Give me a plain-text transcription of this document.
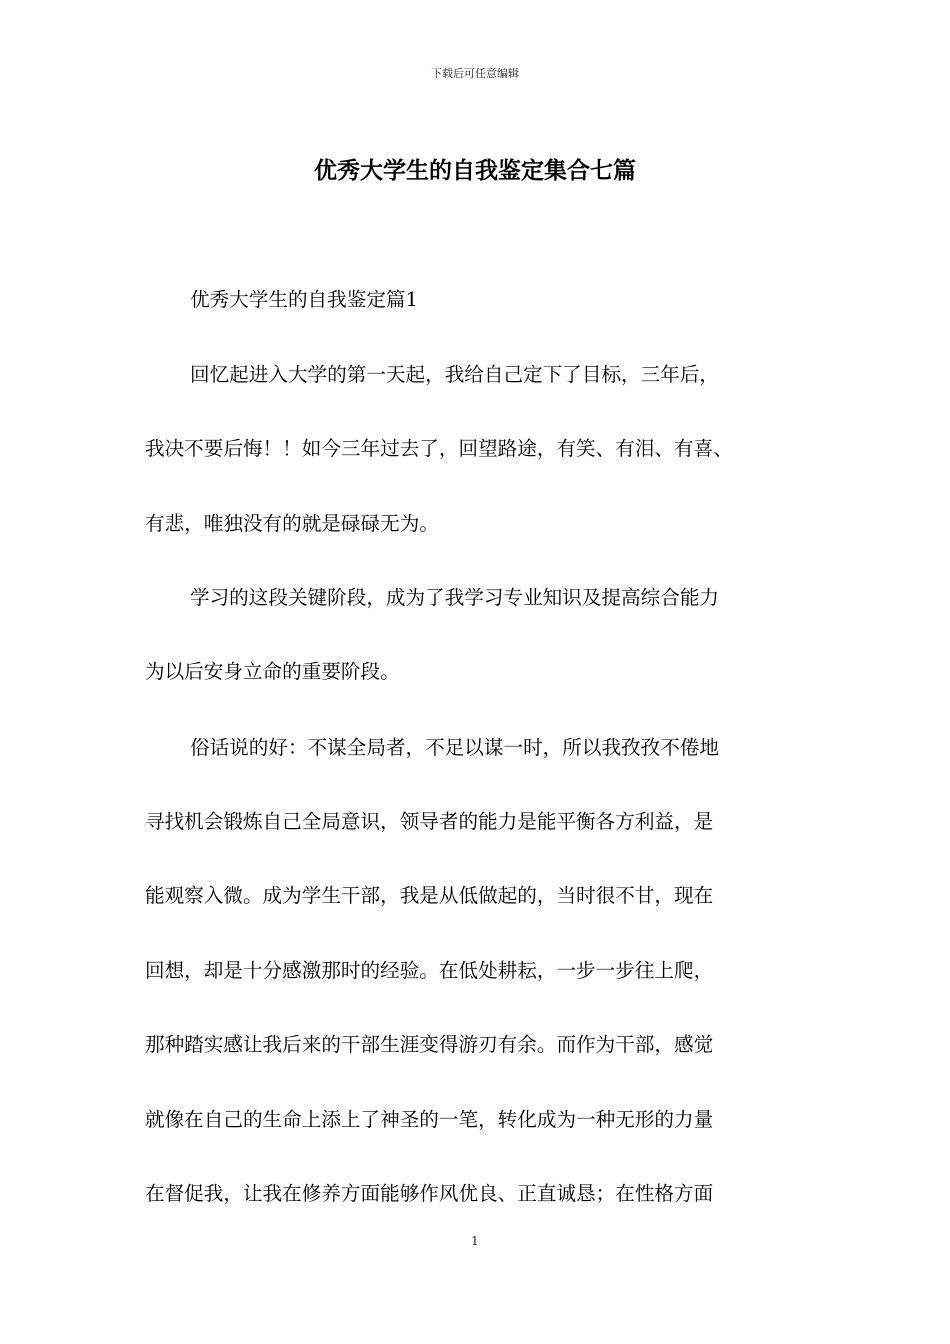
下载后可任意编辑
优秀大学生的自我鉴定集合七篇

优秀大学生的自我鉴定篇1

回忆起进入大学的第一天起，我给自己定下了目标，三年后，

我决不要后悔！！如今三年过去了，回望路途，有笑、有泪、有喜、

有悲，唯独没有的就是碌碌无为。

学习的这段关键阶段，成为了我学习专业知识及提高综合能力

为以后安身立命的重要阶段。

俗话说的好：不谋全局者，不足以谋一时，所以我孜孜不倦地

寻找机会锻炼自己全局意识，领导者的能力是能平衡各方利益，是

能观察入微。成为学生干部，我是从低做起的，当时很不甘，现在

回想，却是十分感激那时的经验。在低处耕耘，一步一步往上爬，

那种踏实感让我后来的干部生涯变得游刃有余。而作为干部，感觉

就像在自己的生命上添上了神圣的一笔，转化成为一种无形的力量

在督促我，让我在修养方面能够作风优良、正直诚恳；在性格方面

1
